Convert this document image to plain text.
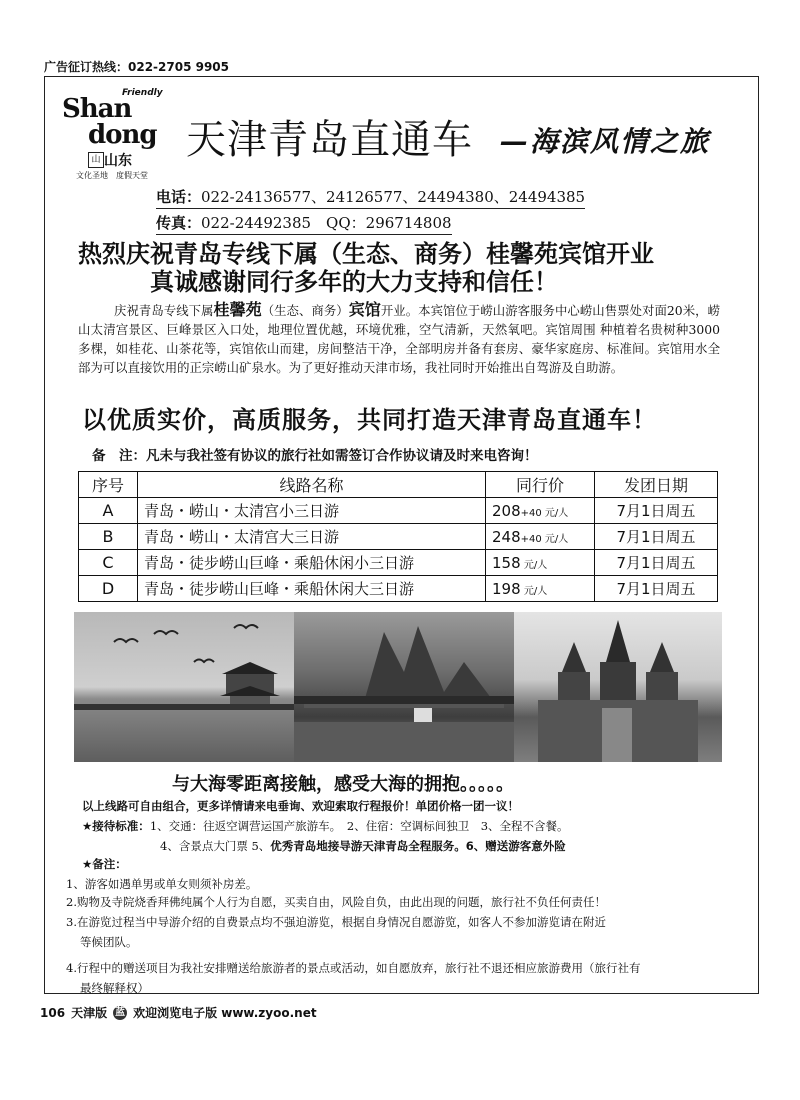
广告征订热线：022-2705 9905
Friendly
Shan
dong
山 山东
文化圣地　度假天堂
天津青岛直通车 —海滨风情之旅
电话：022-24136577、24126577、24494380、24494385
传真：022-24492385　QQ：296714808
热烈庆祝青岛专线下属（生态、商务）桂馨苑宾馆开业
真诚感谢同行多年的大力支持和信任！
庆祝青岛专线下属桂馨苑（生态、商务）宾馆开业。本宾馆位于崂山游客服务中心崂山售票处对面20米，崂山太清宫景区、巨峰景区入口处，地理位置优越，环境优雅，空气清新，天然氧吧。宾馆周围 种植着名贵树种3000多棵，如桂花、山茶花等，宾馆依山而建，房间整洁干净，全部明房并备有套房、豪华家庭房、标准间。宾馆用水全部为可以直接饮用的正宗崂山矿泉水。为了更好推动天津市场，我社同时开始推出自驾游及自助游。
以优质实价，高质服务，共同打造天津青岛直通车！
备　注：凡未与我社签有协议的旅行社如需签订合作协议请及时来电咨询！
序号	线路名称	同行价	发团日期
A	青岛・崂山・太清宫小三日游	208+40 元/人	7月1日周五
B	青岛・崂山・太清宫大三日游	248+40 元/人	7月1日周五
C	青岛・徒步崂山巨峰・乘船休闲小三日游	158 元/人	7月1日周五
D	青岛・徒步崂山巨峰・乘船休闲大三日游	198 元/人	7月1日周五
与大海零距离接触，感受大海的拥抱。。。。。
以上线路可自由组合，更多详情请来电垂询、欢迎索取行程报价！单团价格一团一议！
★接待标准：1、交通：往返空调营运国产旅游车。　2、住宿：空调标间独卫　3、全程不含餐。
4、含景点大门票 5、优秀青岛地接导游天津青岛全程服务。6、赠送游客意外险
★备注：
1、游客如遇单男或单女则须补房差。
2.购物及寺院烧香拜佛纯属个人行为自愿，买卖自由，风险自负，由此出现的问题，旅行社不负任何责任！
3.在游览过程当中导游介绍的自费景点均不强迫游览，根据自身情况自愿游览，如客人不参加游览请在附近
等候团队。
4.行程中的赠送项目为我社安排赠送给旅游者的景点或活动，如自愿放弃，旅行社不退还相应旅游费用（旅行社有
最终解释权）
106 天津版 蓝 欢迎浏览电子版 www.zyoo.net
